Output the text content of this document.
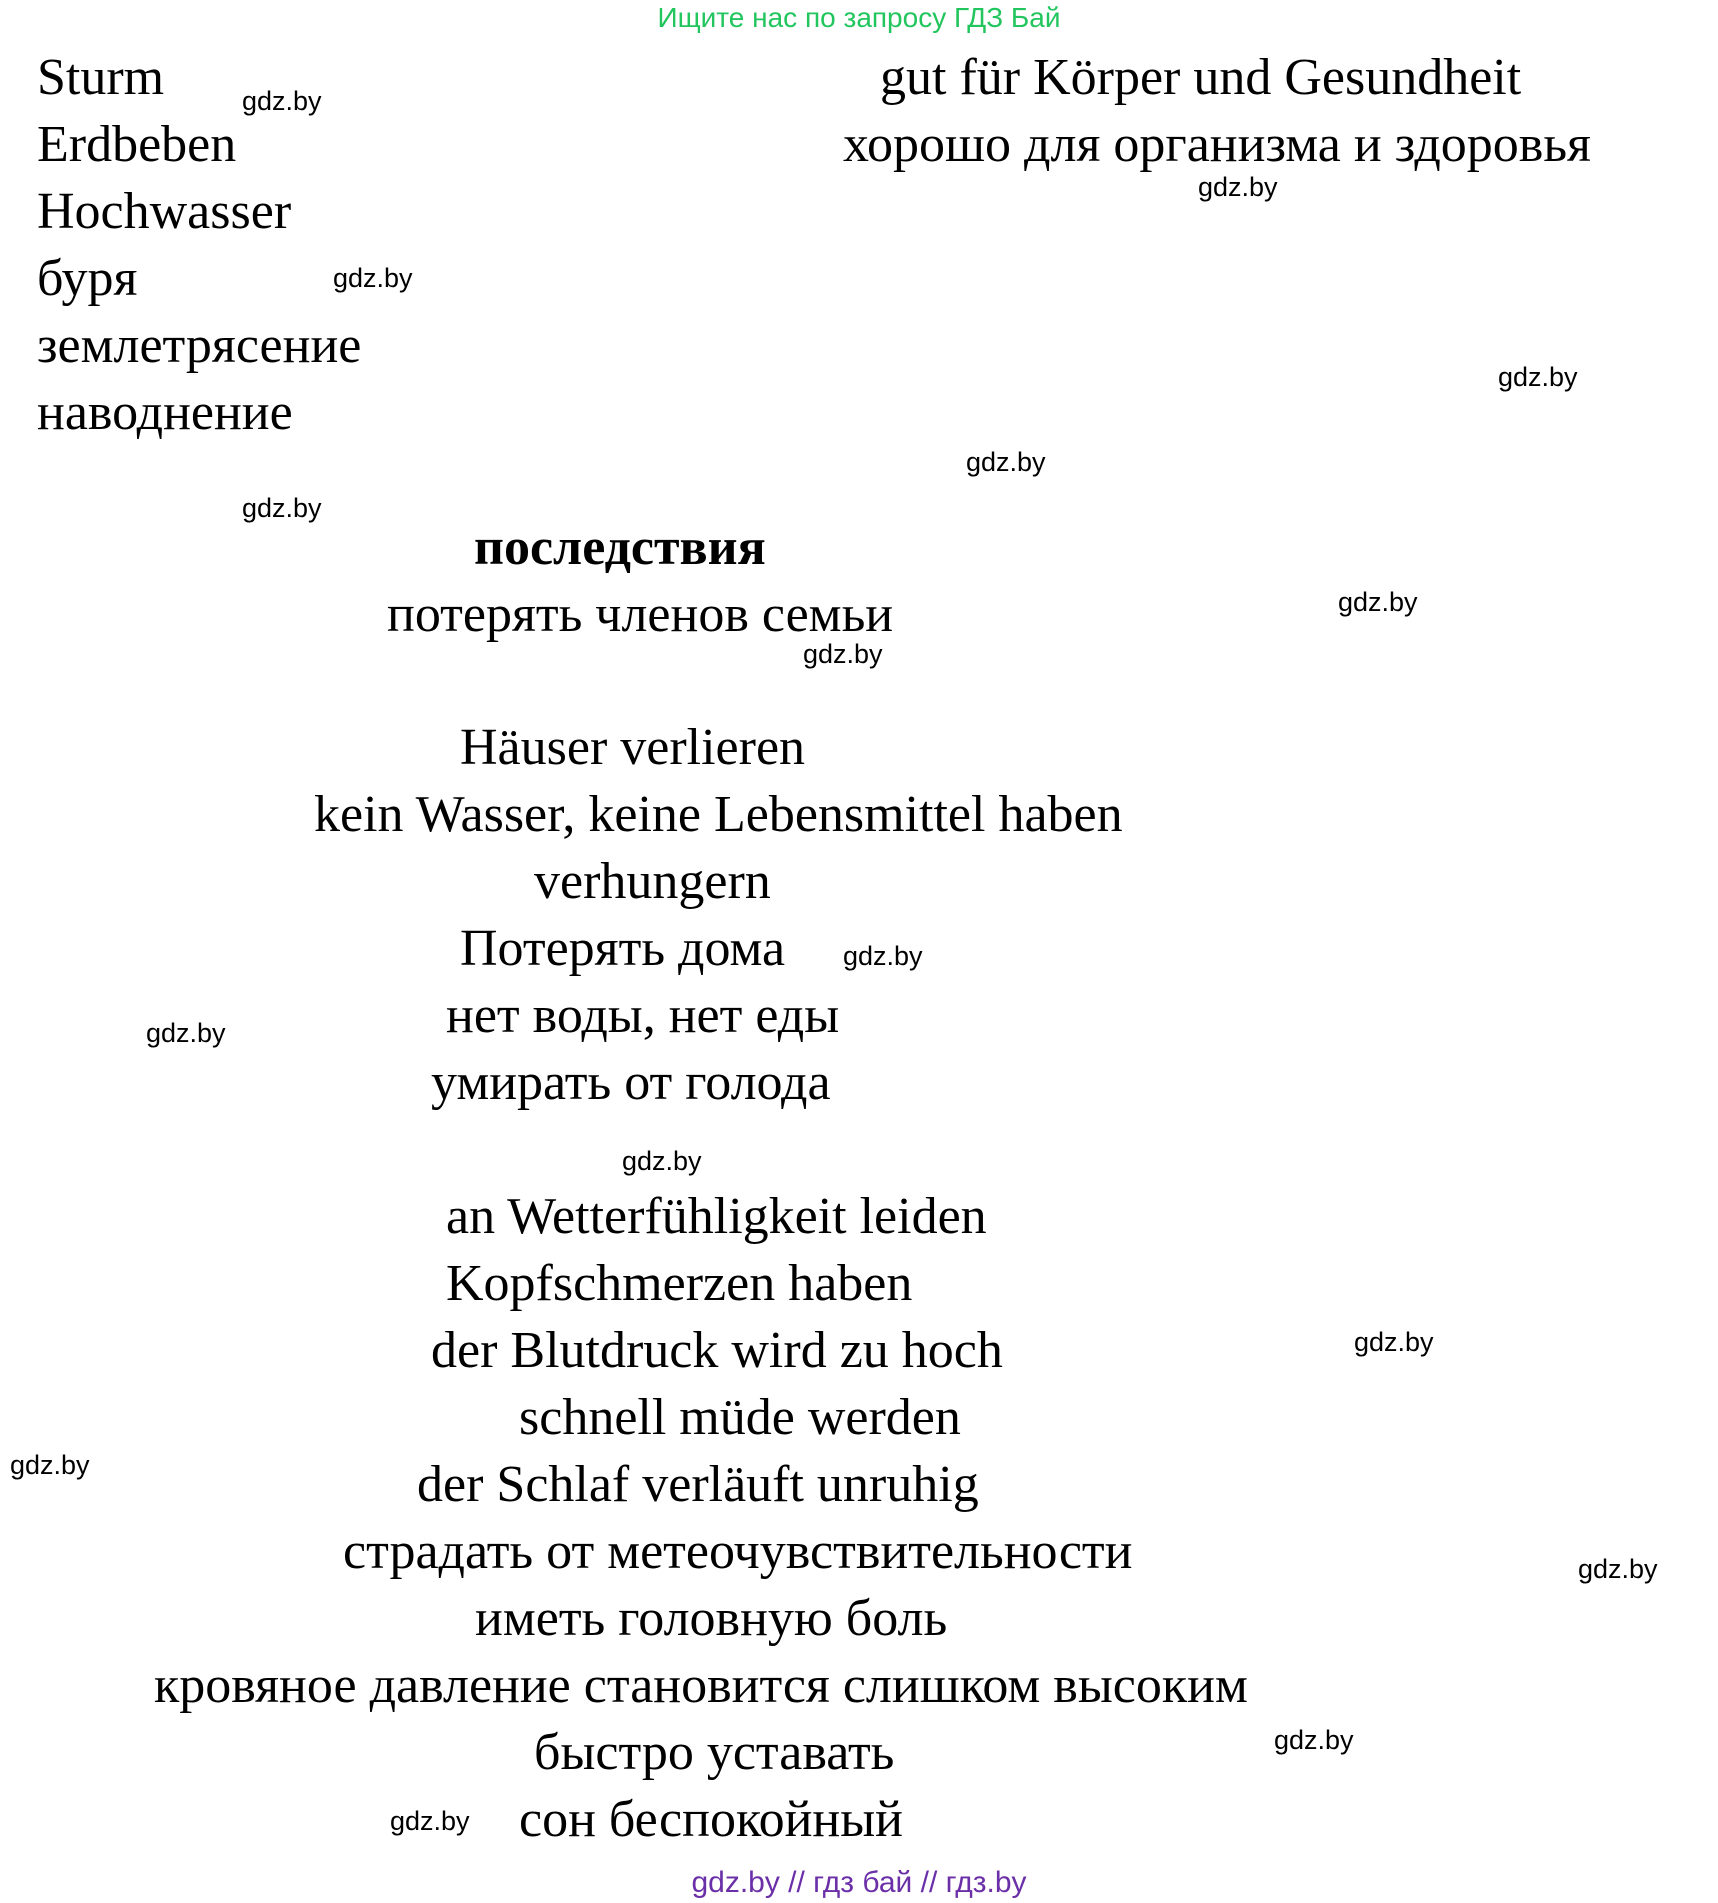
Ищите нас по запросу ГДЗ Бай
Sturm
Erdbeben
Hochwasser
буря
землетрясение
наводнение
gut für Körper und Gesundheit
хорошо для организма и здоровья
последствия
потерять членов семьи
Häuser verlieren
kein Wasser, keine Lebensmittel haben
verhungern
Потерять дома
нет воды, нет еды
умирать от голода
an Wetterfühligkeit leiden
Kopfschmerzen haben
der Blutdruck wird zu hoch
schnell müde werden
der Schlaf verläuft unruhig
страдать от метеочувствительности
иметь головную боль
кровяное давление становится слишком высоким
быстро уставать
сон беспокойный
gdz.by
gdz.by
gdz.by
gdz.by
gdz.by
gdz.by
gdz.by
gdz.by
gdz.by
gdz.by
gdz.by
gdz.by
gdz.by
gdz.by
gdz.by
gdz.by
gdz.by // гдз бай // гдз.by
